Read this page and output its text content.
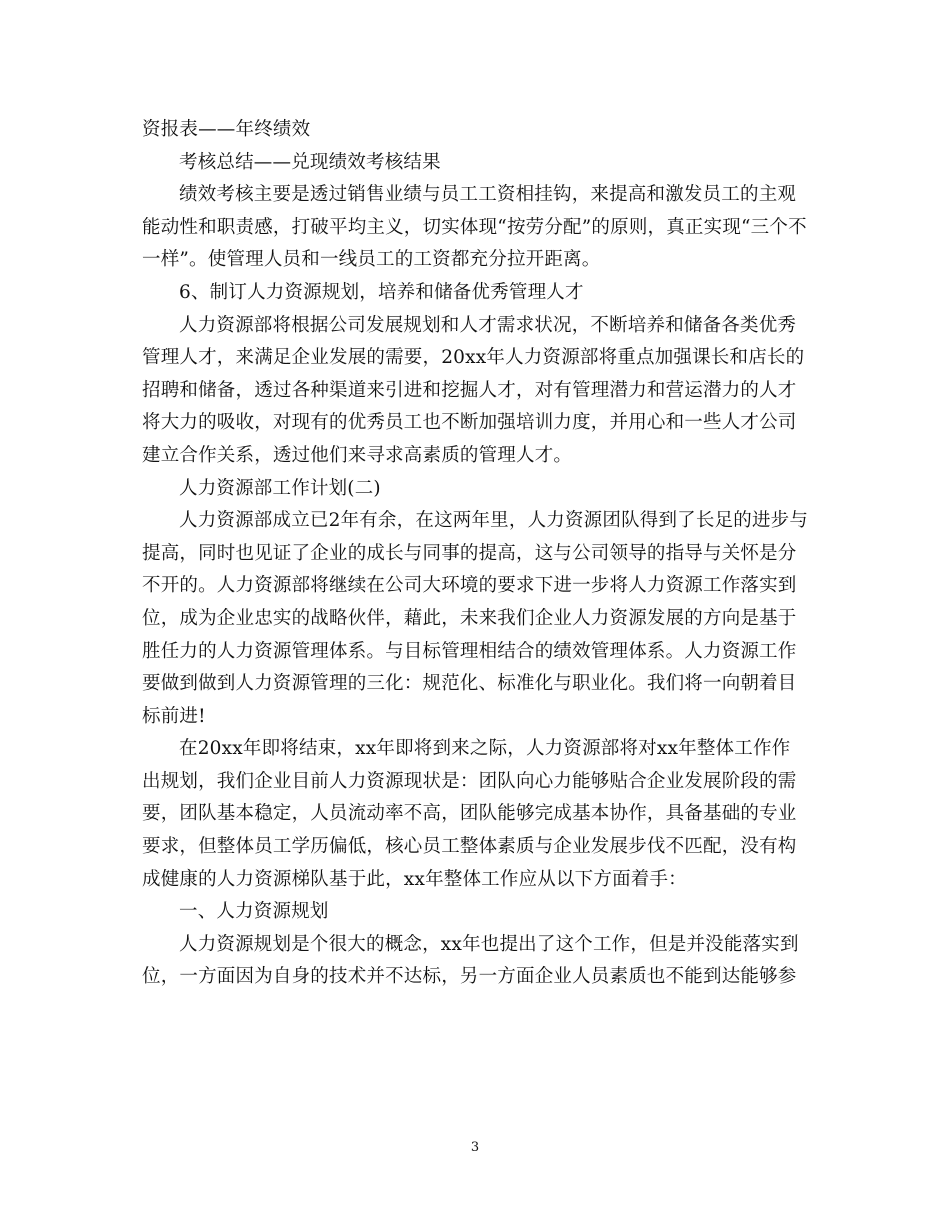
资报表——年终绩效
考核总结——兑现绩效考核结果
绩效考核主要是透过销售业绩与员工工资相挂钩，来提高和激发员工的主观
能动性和职责感，打破平均主义，切实体现“按劳分配”的原则，真正实现“三个不
一样”。使管理人员和一线员工的工资都充分拉开距离。
6、制订人力资源规划，培养和储备优秀管理人才
人力资源部将根据公司发展规划和人才需求状况，不断培养和储备各类优秀
管理人才，来满足企业发展的需要，20xx年人力资源部将重点加强课长和店长的
招聘和储备，透过各种渠道来引进和挖掘人才，对有管理潜力和营运潜力的人才
将大力的吸收，对现有的优秀员工也不断加强培训力度，并用心和一些人才公司
建立合作关系，透过他们来寻求高素质的管理人才。
人力资源部工作计划(二)
人力资源部成立已2年有余，在这两年里，人力资源团队得到了长足的进步与
提高，同时也见证了企业的成长与同事的提高，这与公司领导的指导与关怀是分
不开的。人力资源部将继续在公司大环境的要求下进一步将人力资源工作落实到
位，成为企业忠实的战略伙伴，藉此，未来我们企业人力资源发展的方向是基于
胜任力的人力资源管理体系。与目标管理相结合的绩效管理体系。人力资源工作
要做到做到人力资源管理的三化：规范化、标准化与职业化。我们将一向朝着目
标前进!
在20xx年即将结束，xx年即将到来之际，人力资源部将对xx年整体工作作
出规划，我们企业目前人力资源现状是：团队向心力能够贴合企业发展阶段的需
要，团队基本稳定，人员流动率不高，团队能够完成基本协作，具备基础的专业
要求，但整体员工学历偏低，核心员工整体素质与企业发展步伐不匹配，没有构
成健康的人力资源梯队基于此，xx年整体工作应从以下方面着手：
一、人力资源规划
人力资源规划是个很大的概念，xx年也提出了这个工作，但是并没能落实到
位，一方面因为自身的技术并不达标，另一方面企业人员素质也不能到达能够参
3
